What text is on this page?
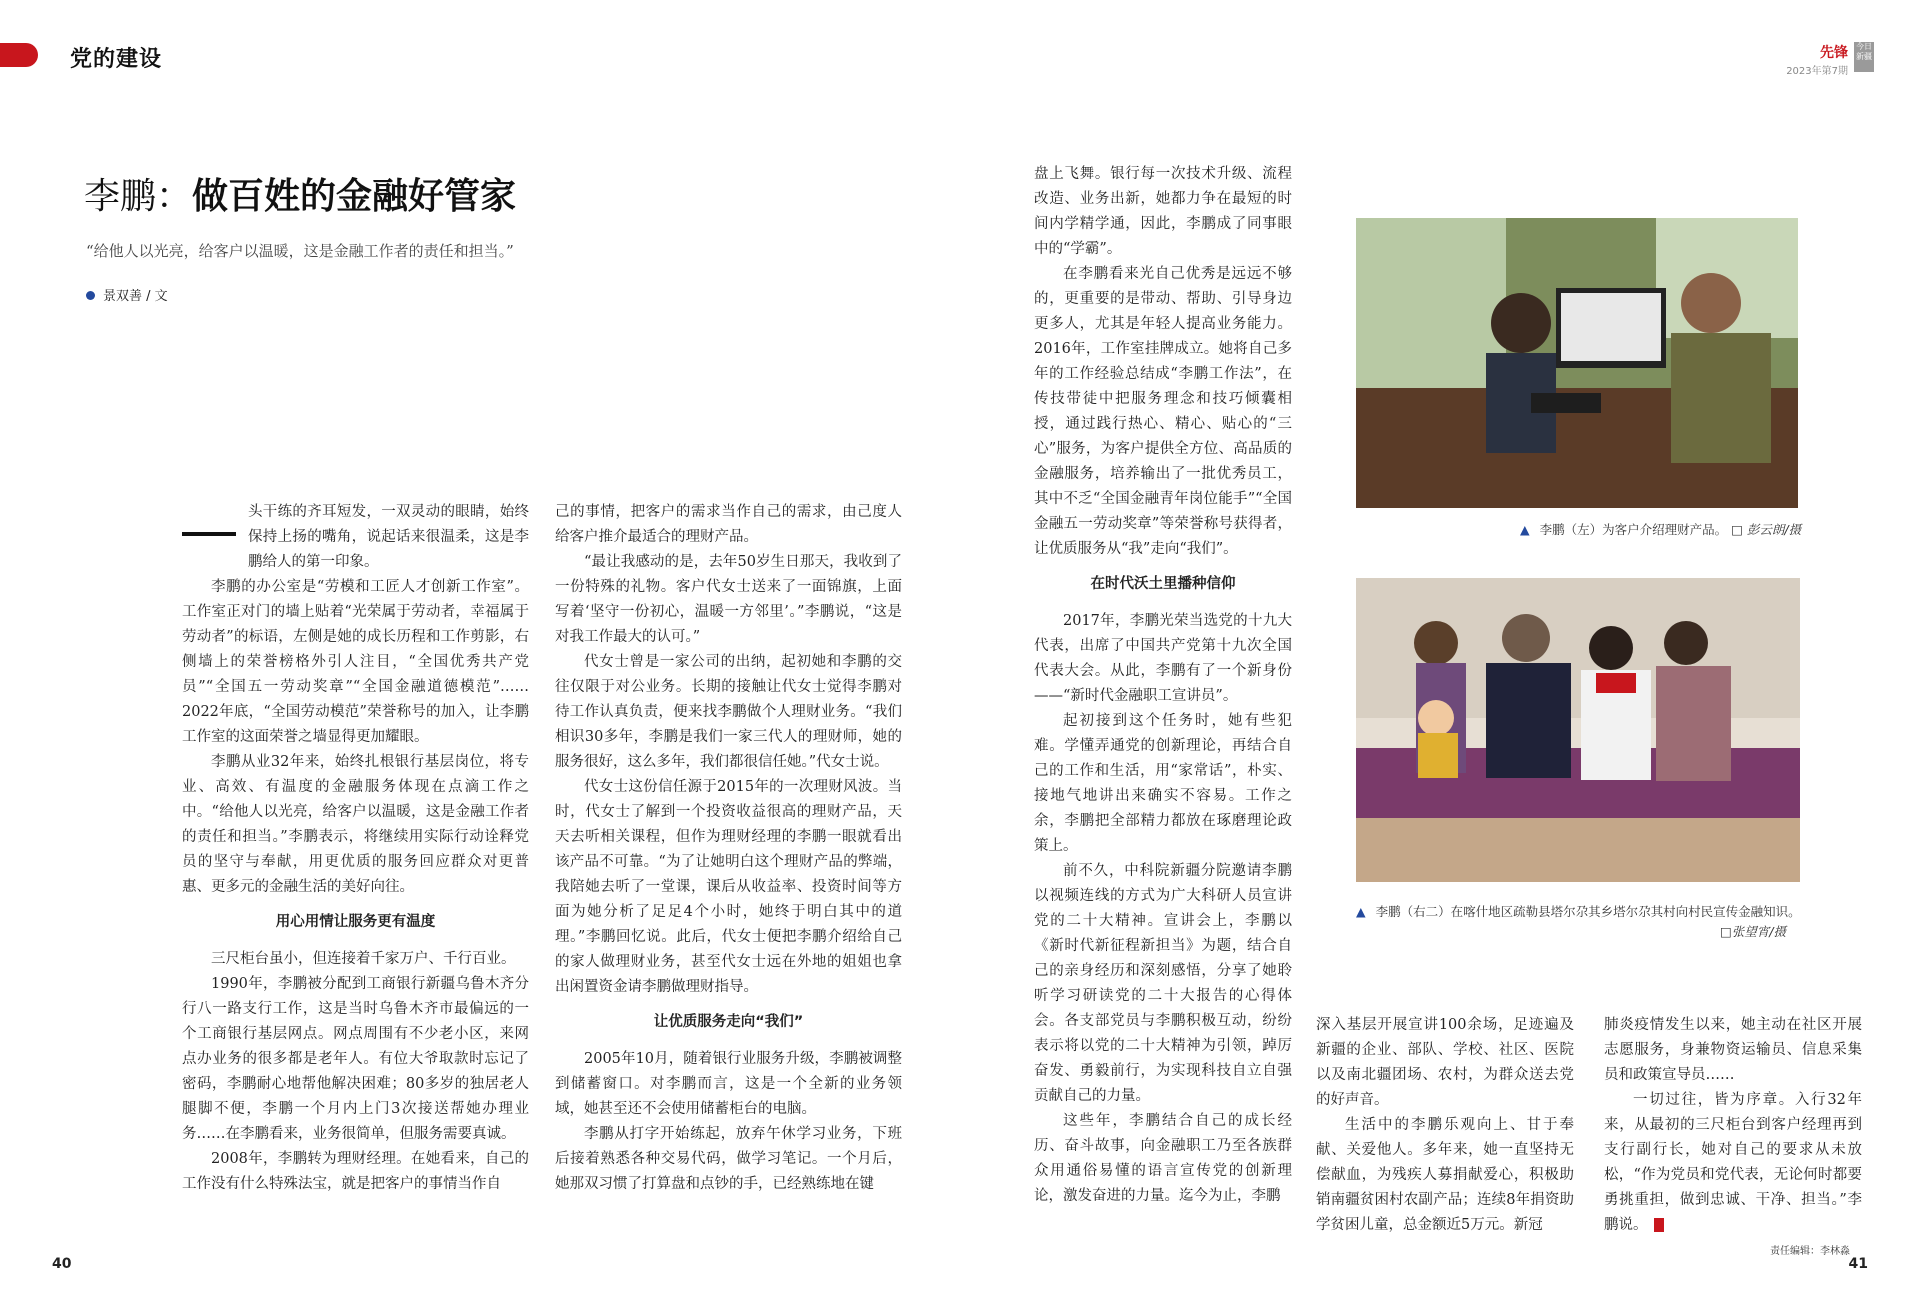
党的建设	先锋
2023年第7期
今日新疆
李鹏：做百姓的金融好管家
“给他人以光亮，给客户以温暖，这是金融工作者的责任和担当。”
景双善 / 文

头干练的齐耳短发，一双灵动的眼睛，始终保持上扬的嘴角，说起话来很温柔，这是李鹏给人的第一印象。

李鹏的办公室是“劳模和工匠人才创新工作室”。工作室正对门的墙上贴着“光荣属于劳动者，幸福属于劳动者”的标语，左侧是她的成长历程和工作剪影，右侧墙上的荣誉榜格外引人注目，“全国优秀共产党员”“全国五一劳动奖章”“全国金融道德模范”……2022年底，“全国劳动模范”荣誉称号的加入，让李鹏工作室的这面荣誉之墙显得更加耀眼。

李鹏从业32年来，始终扎根银行基层岗位，将专业、高效、有温度的金融服务体现在点滴工作之中。“给他人以光亮，给客户以温暖，这是金融工作者的责任和担当。”李鹏表示，将继续用实际行动诠释党员的坚守与奉献，用更优质的服务回应群众对更普惠、更多元的金融生活的美好向往。

用心用情让服务更有温度

三尺柜台虽小，但连接着千家万户、千行百业。

1990年，李鹏被分配到工商银行新疆乌鲁木齐分行八一路支行工作，这是当时乌鲁木齐市最偏远的一个工商银行基层网点。网点周围有不少老小区，来网点办业务的很多都是老年人。有位大爷取款时忘记了密码，李鹏耐心地帮他解决困难；80多岁的独居老人腿脚不便，李鹏一个月内上门3次接送帮她办理业务……在李鹏看来，业务很简单，但服务需要真诚。

2008年，李鹏转为理财经理。在她看来，自己的工作没有什么特殊法宝，就是把客户的事情当作自

己的事情，把客户的需求当作自己的需求，由己度人给客户推介最适合的理财产品。

“最让我感动的是，去年50岁生日那天，我收到了一份特殊的礼物。客户代女士送来了一面锦旗，上面写着‘坚守一份初心，温暖一方邻里’。”李鹏说，“这是对我工作最大的认可。”

代女士曾是一家公司的出纳，起初她和李鹏的交往仅限于对公业务。长期的接触让代女士觉得李鹏对待工作认真负责，便来找李鹏做个人理财业务。“我们相识30多年，李鹏是我们一家三代人的理财师，她的服务很好，这么多年，我们都很信任她。”代女士说。

代女士这份信任源于2015年的一次理财风波。当时，代女士了解到一个投资收益很高的理财产品，天天去听相关课程，但作为理财经理的李鹏一眼就看出该产品不可靠。“为了让她明白这个理财产品的弊端，我陪她去听了一堂课，课后从收益率、投资时间等方面为她分析了足足4个小时，她终于明白其中的道理。”李鹏回忆说。此后，代女士便把李鹏介绍给自己的家人做理财业务，甚至代女士远在外地的姐姐也拿出闲置资金请李鹏做理财指导。

让优质服务走向“我们”

2005年10月，随着银行业服务升级，李鹏被调整到储蓄窗口。对李鹏而言，这是一个全新的业务领域，她甚至还不会使用储蓄柜台的电脑。

李鹏从打字开始练起，放弃午休学习业务，下班后接着熟悉各种交易代码，做学习笔记。一个月后，她那双习惯了打算盘和点钞的手，已经熟练地在键

盘上飞舞。银行每一次技术升级、流程改造、业务出新，她都力争在最短的时间内学精学通，因此，李鹏成了同事眼中的“学霸”。

在李鹏看来光自己优秀是远远不够的，更重要的是带动、帮助、引导身边更多人，尤其是年轻人提高业务能力。2016年，工作室挂牌成立。她将自己多年的工作经验总结成“李鹏工作法”，在传技带徒中把服务理念和技巧倾囊相授，通过践行热心、精心、贴心的“三心”服务，为客户提供全方位、高品质的金融服务，培养输出了一批优秀员工，其中不乏“全国金融青年岗位能手”“全国金融五一劳动奖章”等荣誉称号获得者，让优质服务从“我”走向“我们”。

在时代沃土里播种信仰

2017年，李鹏光荣当选党的十九大代表，出席了中国共产党第十九次全国代表大会。从此，李鹏有了一个新身份——“新时代金融职工宣讲员”。

起初接到这个任务时，她有些犯难。学懂弄通党的创新理论，再结合自己的工作和生活，用“家常话”，朴实、接地气地讲出来确实不容易。工作之余，李鹏把全部精力都放在琢磨理论政策上。

前不久，中科院新疆分院邀请李鹏以视频连线的方式为广大科研人员宣讲党的二十大精神。宣讲会上，李鹏以《新时代新征程新担当》为题，结合自己的亲身经历和深刻感悟，分享了她聆听学习研读党的二十大报告的心得体会。各支部党员与李鹏积极互动，纷纷表示将以党的二十大精神为引领，踔厉奋发、勇毅前行，为实现科技自立自强贡献自己的力量。

这些年，李鹏结合自己的成长经历、奋斗故事，向金融职工乃至各族群众用通俗易懂的语言宣传党的创新理论，激发奋进的力量。迄今为止，李鹏

▲ 李鹏（左）为客户介绍理财产品。 □ 彭云朗/摄
▲ 李鹏（右二）在喀什地区疏勒县塔尔尕其乡塔尔尕其村向村民宣传金融知识。
□张望宵/摄

深入基层开展宣讲100余场，足迹遍及新疆的企业、部队、学校、社区、医院以及南北疆团场、农村，为群众送去党的好声音。

生活中的李鹏乐观向上、甘于奉献、关爱他人。多年来，她一直坚持无偿献血，为残疾人募捐献爱心，积极助销南疆贫困村农副产品；连续8年捐资助学贫困儿童，总金额近5万元。新冠

肺炎疫情发生以来，她主动在社区开展志愿服务，身兼物资运输员、信息采集员和政策宣导员……

一切过往，皆为序章。入行32年来，从最初的三尺柜台到客户经理再到支行副行长，她对自己的要求从未放松，“作为党员和党代表，无论何时都要勇挑重担，做到忠诚、干净、担当。”李鹏说。

40	41
责任编辑：李林淼
